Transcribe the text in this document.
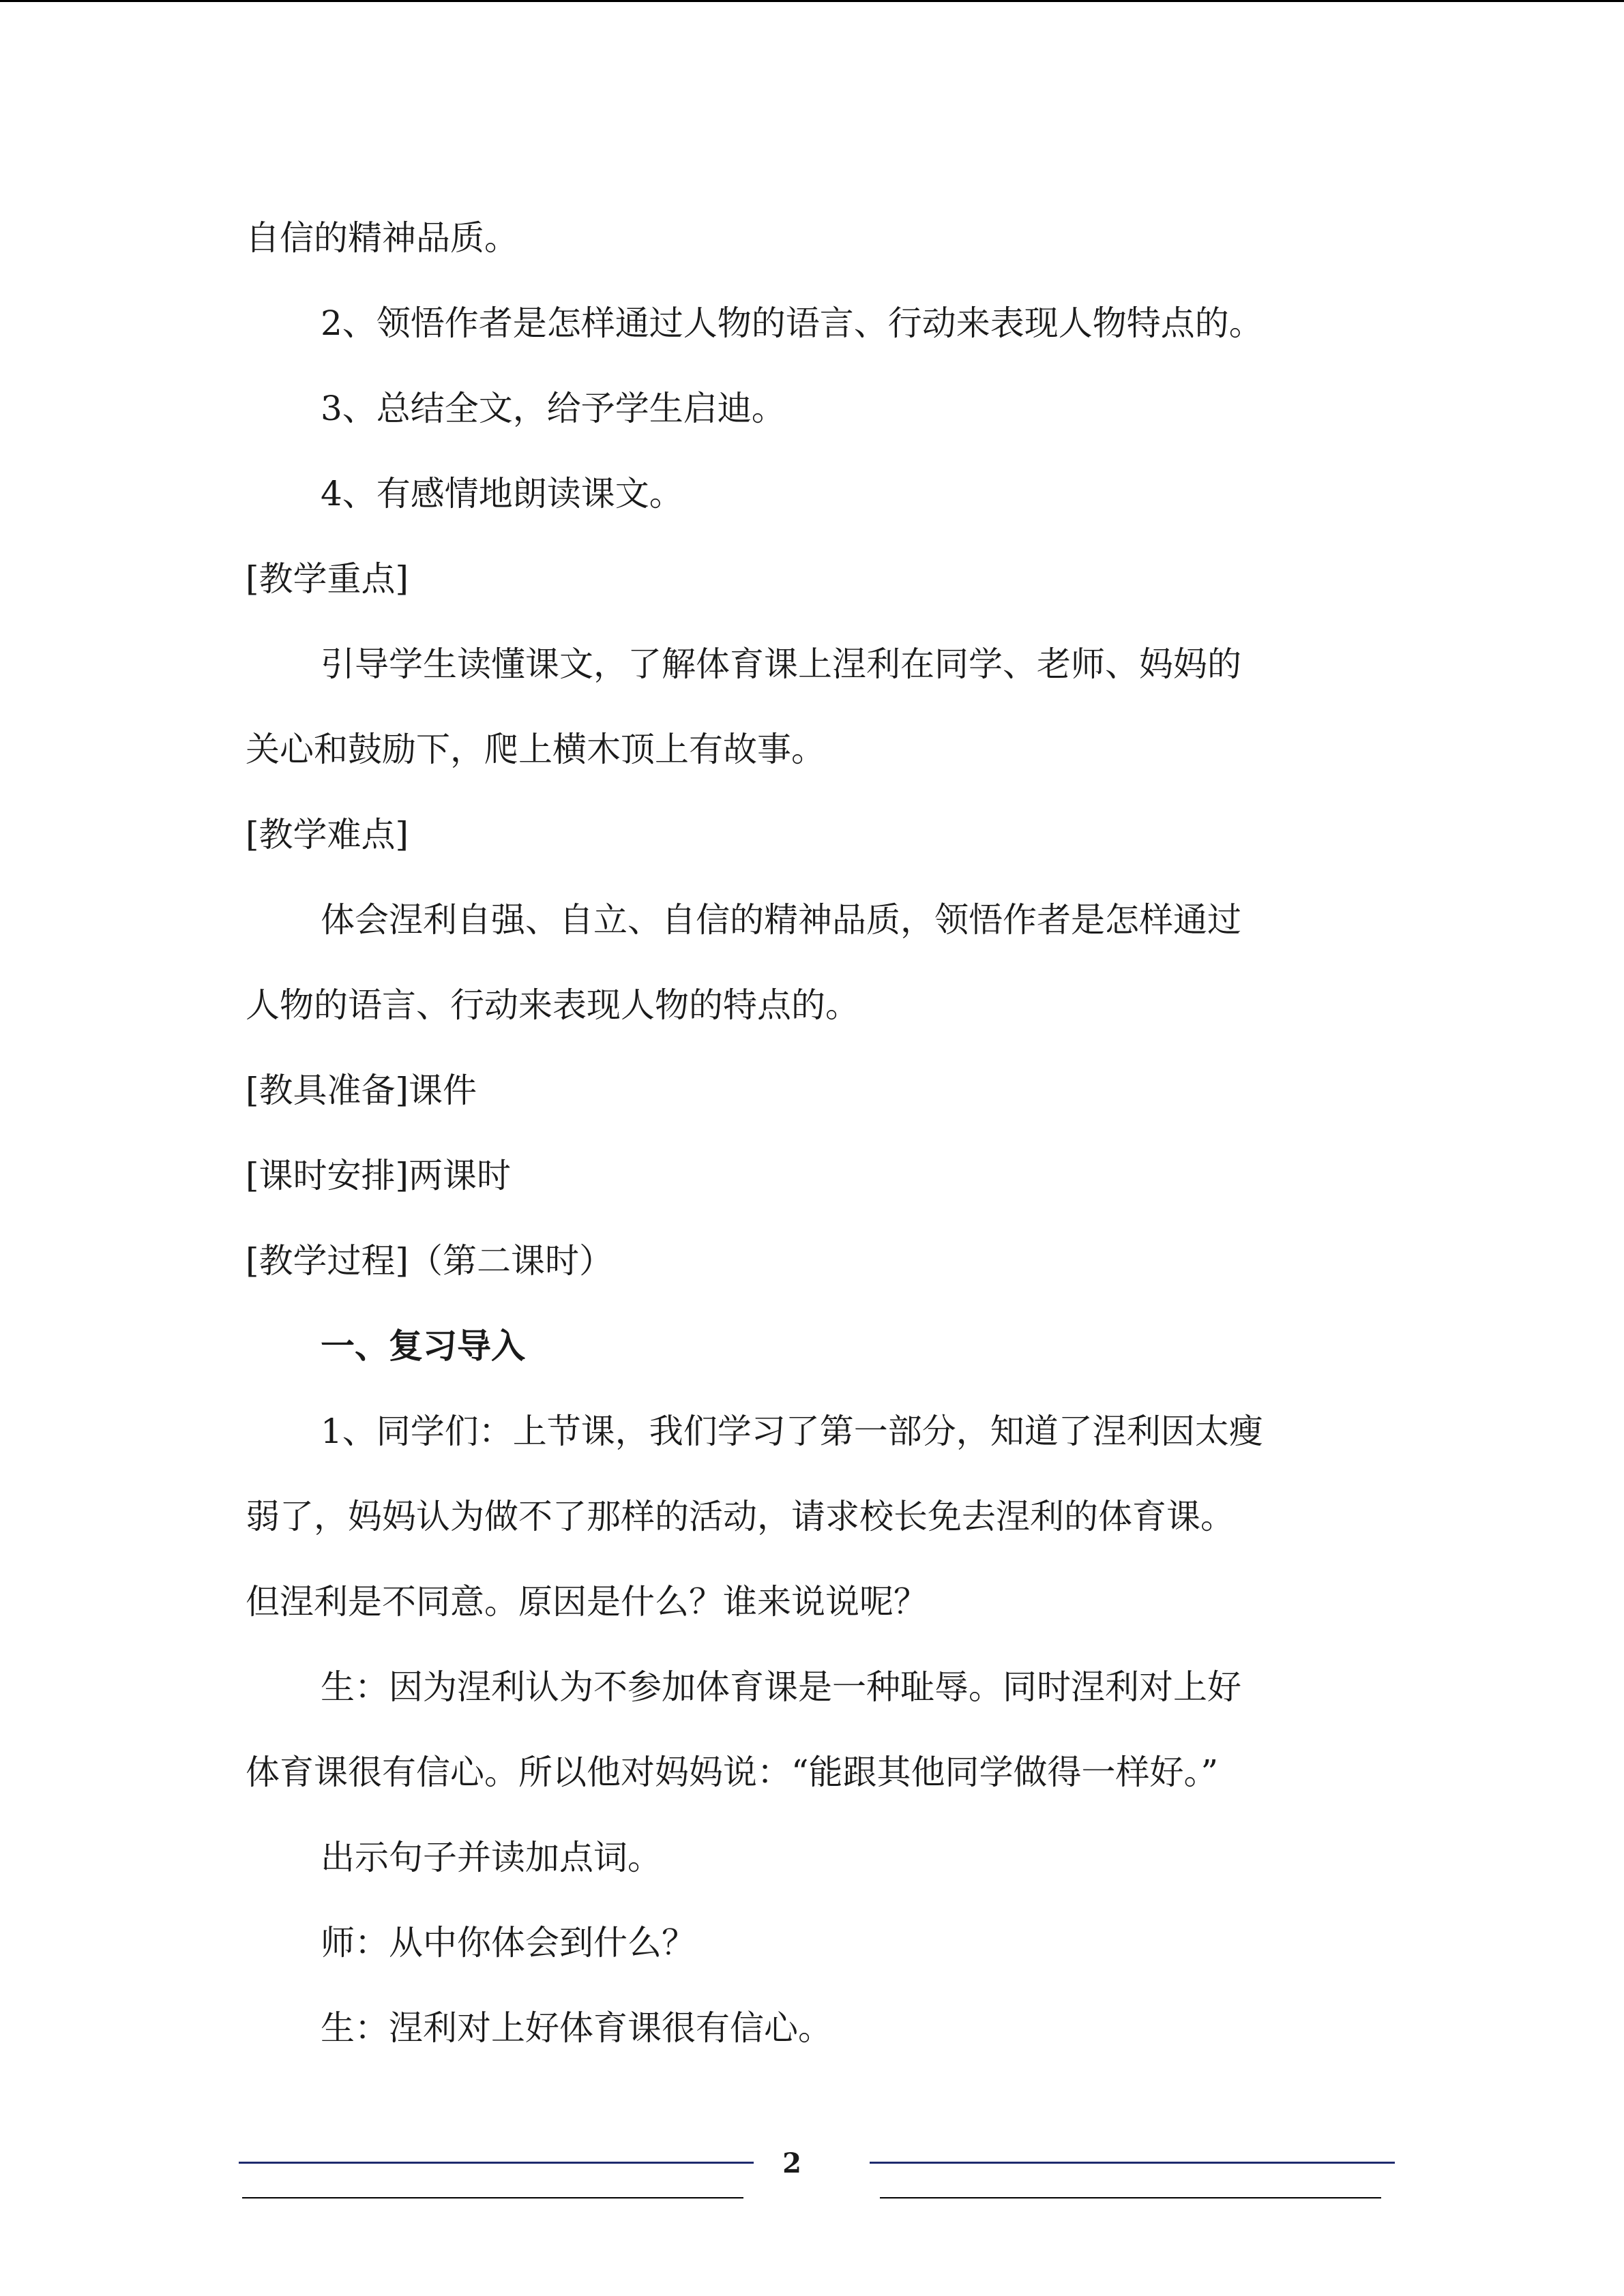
自信的精神品质。
2、领悟作者是怎样通过人物的语言、行动来表现人物特点的。
3、总结全文，给予学生启迪。
4、有感情地朗读课文。
[教学重点]
引导学生读懂课文，了解体育课上涅利在同学、老师、妈妈的
关心和鼓励下，爬上横木顶上有故事。
[教学难点]
体会涅利自强、自立、自信的精神品质，领悟作者是怎样通过
人物的语言、行动来表现人物的特点的。
[教具准备]课件
[课时安排]两课时
[教学过程]（第二课时）
一、复习导入
1、同学们：上节课，我们学习了第一部分，知道了涅利因太瘦
弱了，妈妈认为做不了那样的活动，请求校长免去涅利的体育课。
但涅利是不同意。原因是什么？谁来说说呢？
生：因为涅利认为不参加体育课是一种耻辱。同时涅利对上好
体育课很有信心。所以他对妈妈说：“能跟其他同学做得一样好。”
出示句子并读加点词。
师：从中你体会到什么？
生：涅利对上好体育课很有信心。
2
